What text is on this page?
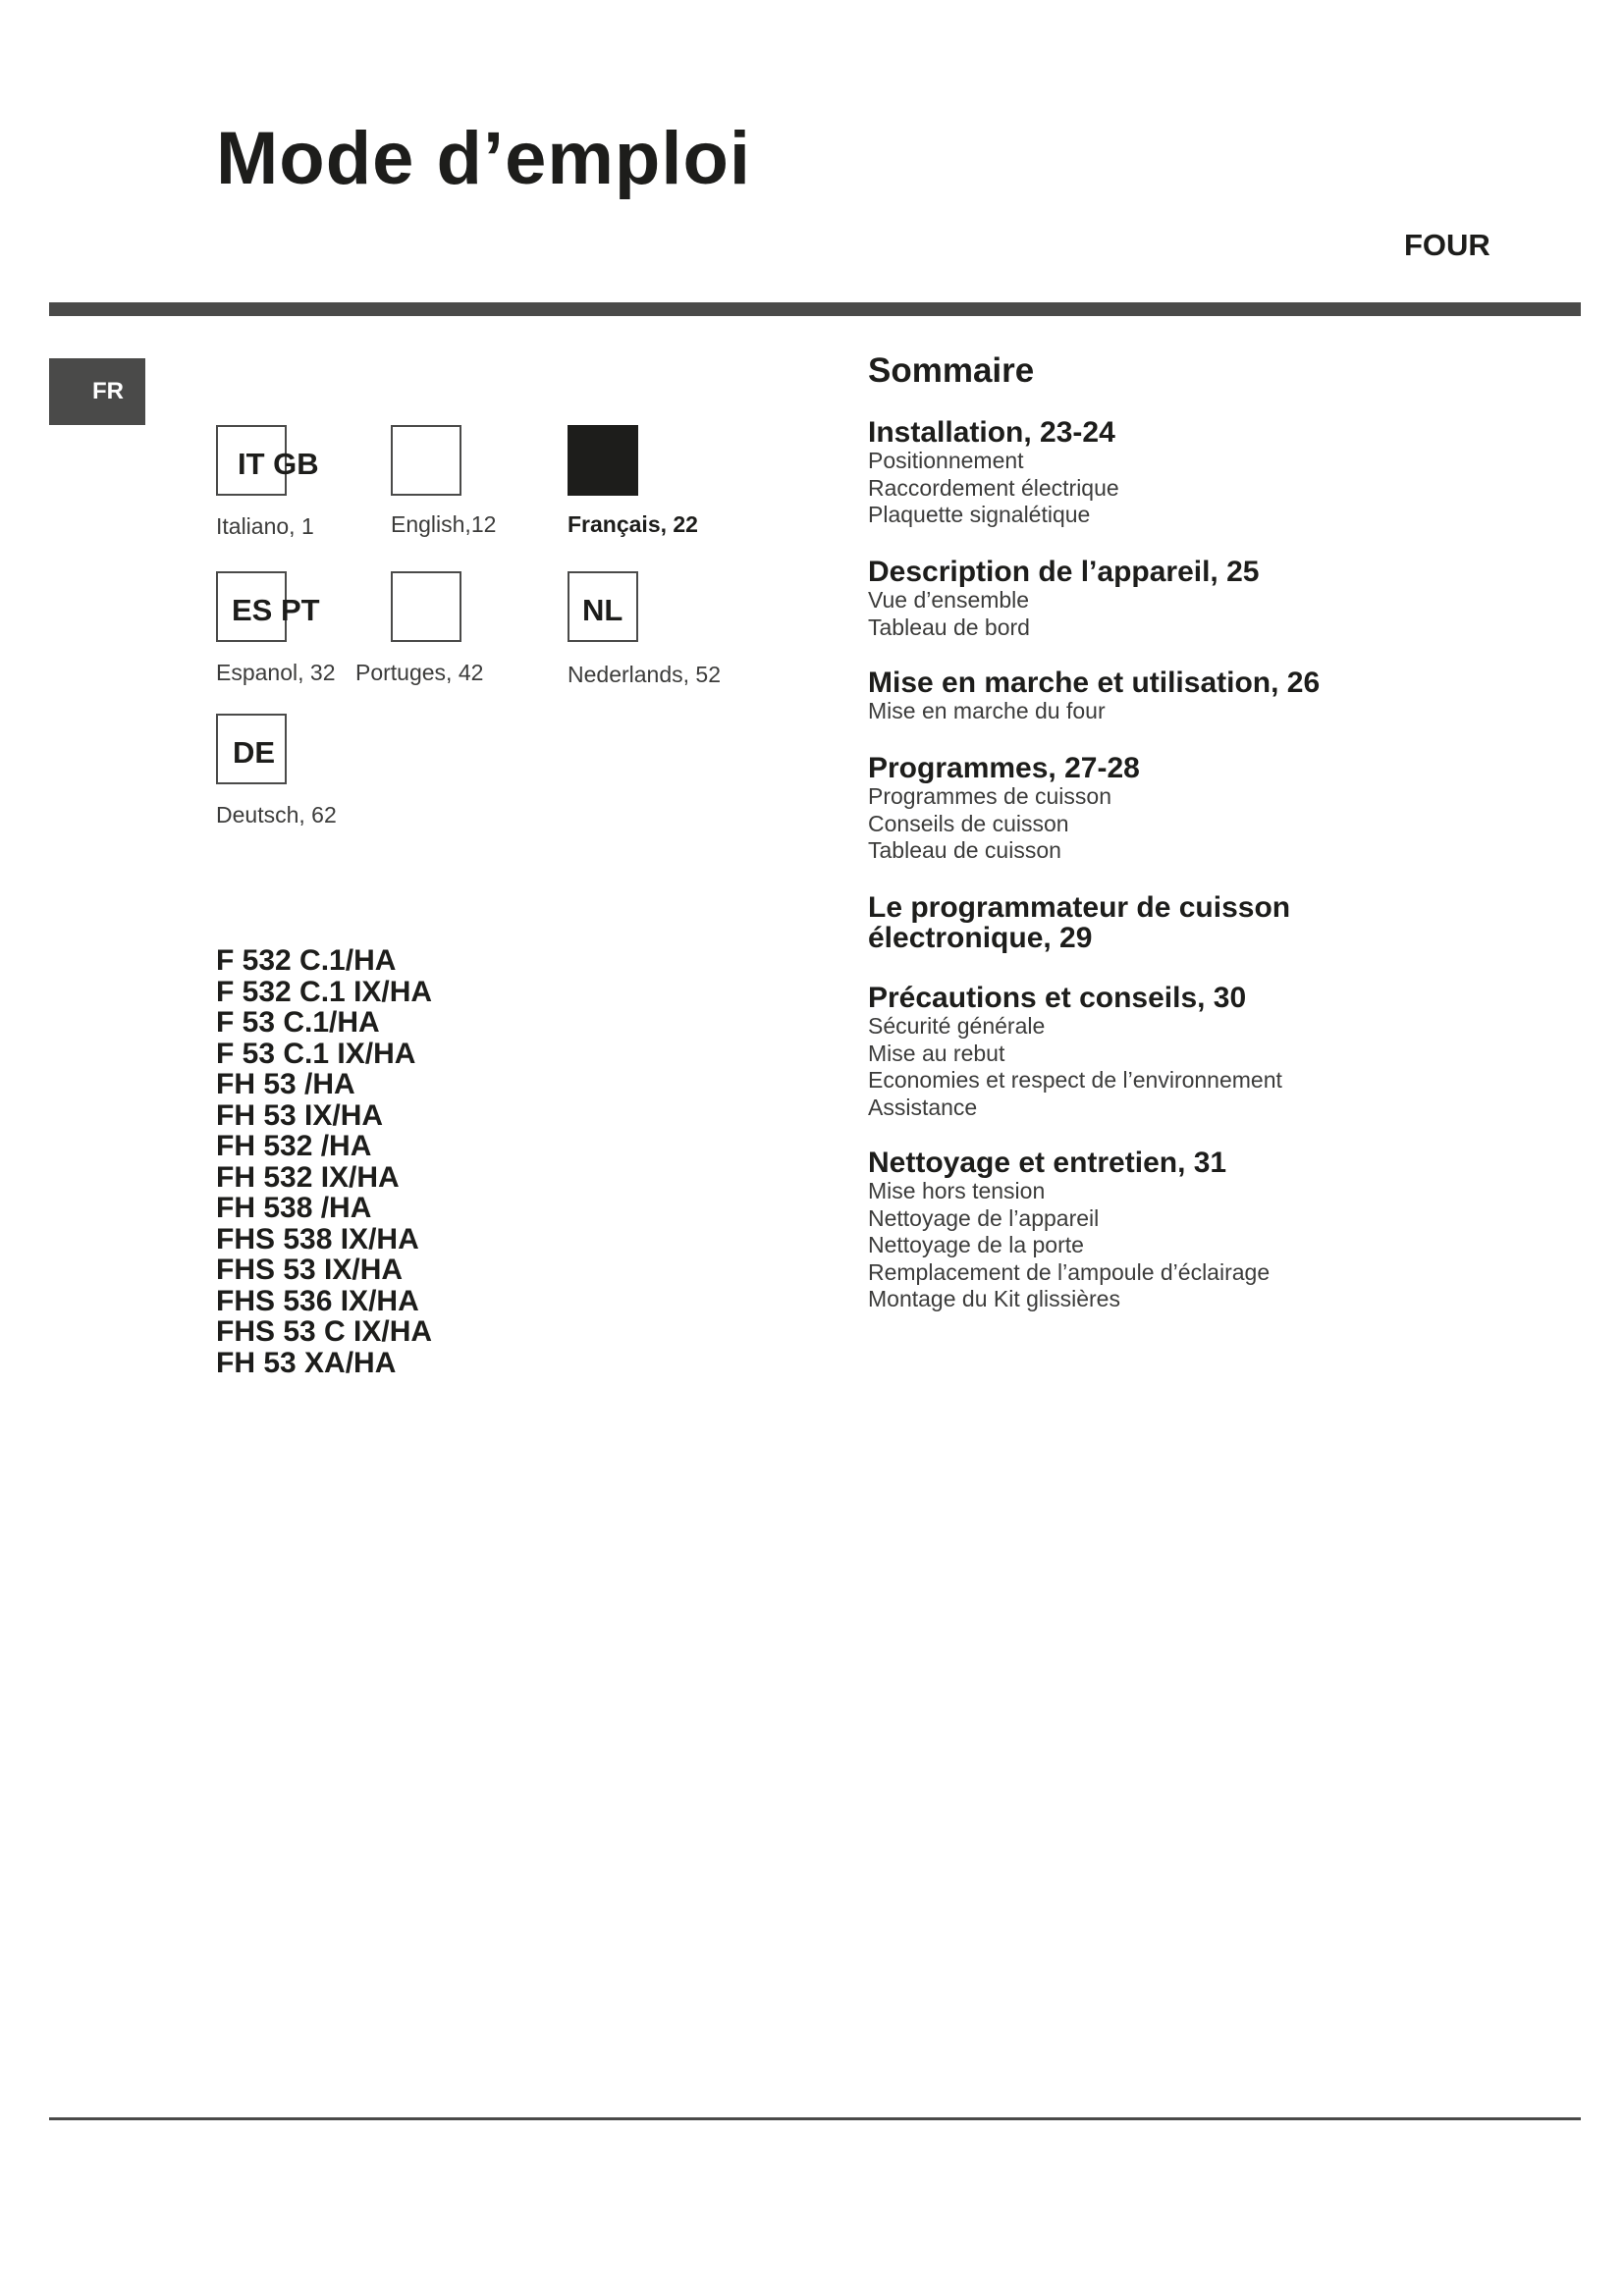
Mode d’emploi
FOUR
FR
IT GB
Italiano, 1	English,12	Français, 22
ES PT
Espanol, 32 Portuges, 42
NL
Nederlands, 52
DE
Deutsch, 62
F 532 C.1/HA
F 532 C.1 IX/HA
F 53 C.1/HA
F 53 C.1 IX/HA
FH 53 /HA
FH 53 IX/HA
FH 532 /HA
FH 532 IX/HA
FH 538 /HA
FHS 538 IX/HA
FHS 53 IX/HA
FHS 536 IX/HA
FHS 53 C IX/HA
FH 53 XA/HA
Sommaire
Installation, 23-24
Positionnement
Raccordement électrique
Plaquette signalétique
Description de l’appareil, 25
Vue d’ensemble
Tableau de bord
Mise en marche et utilisation, 26
Mise en marche du four
Programmes, 27-28
Programmes de cuisson
Conseils de cuisson
Tableau de cuisson
Le programmateur de cuisson
électronique, 29
Précautions et conseils, 30
Sécurité générale
Mise au rebut
Economies et respect de l’environnement
Assistance
Nettoyage et entretien, 31
Mise hors tension
Nettoyage de l’appareil
Nettoyage de la porte
Remplacement de l’ampoule d’éclairage
Montage du Kit glissières
